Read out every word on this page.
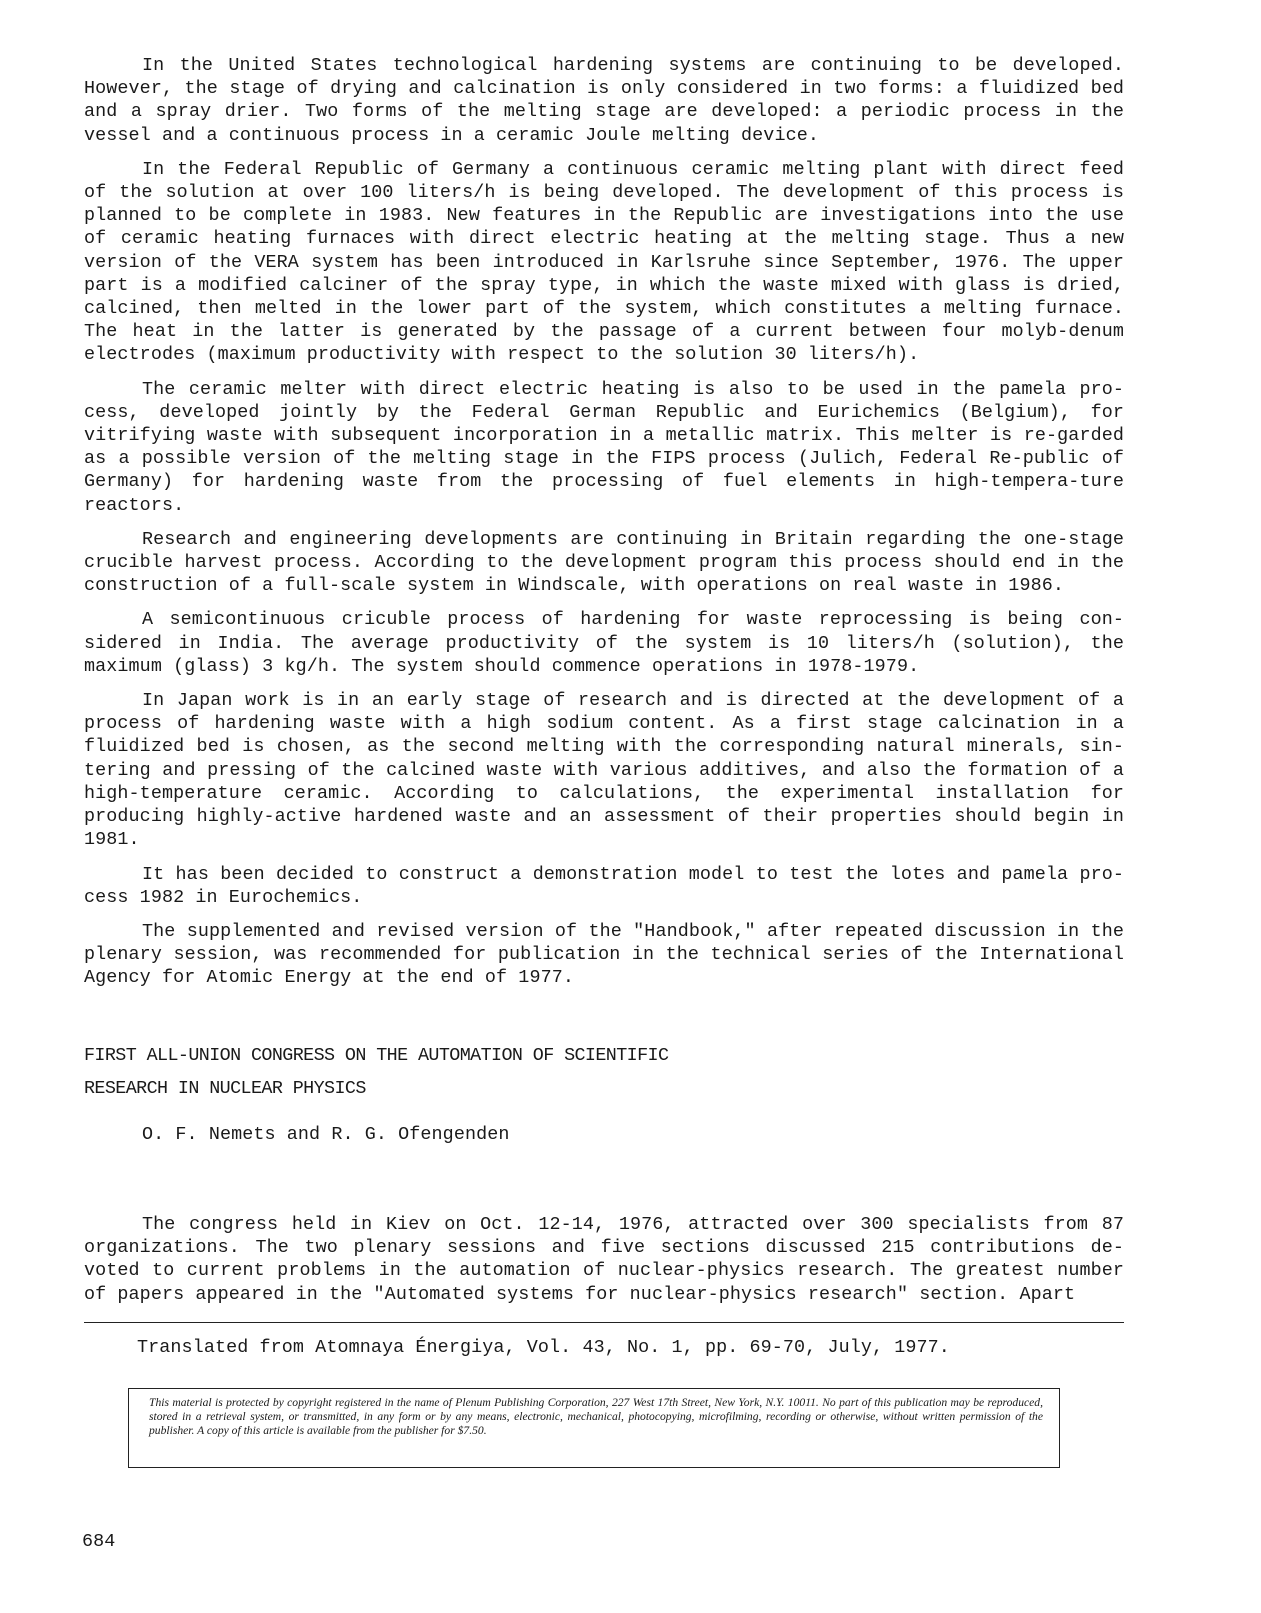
In the United States technological hardening systems are continuing to be developed. However, the stage of drying and calcination is only considered in two forms: a fluidized bed and a spray drier. Two forms of the melting stage are developed: a periodic process in the vessel and a continuous process in a ceramic Joule melting device.

In the Federal Republic of Germany a continuous ceramic melting plant with direct feed of the solution at over 100 liters/h is being developed. The development of this process is planned to be complete in 1983. New features in the Republic are investigations into the use of ceramic heating furnaces with direct electric heating at the melting stage. Thus a new version of the VERA system has been introduced in Karlsruhe since September, 1976. The upper part is a modified calciner of the spray type, in which the waste mixed with glass is dried, calcined, then melted in the lower part of the system, which constitutes a melting furnace. The heat in the latter is generated by the passage of a current between four molyb-denum electrodes (maximum productivity with respect to the solution 30 liters/h).

The ceramic melter with direct electric heating is also to be used in the pamela pro-cess, developed jointly by the Federal German Republic and Eurichemics (Belgium), for vitrifying waste with subsequent incorporation in a metallic matrix. This melter is re-garded as a possible version of the melting stage in the FIPS process (Julich, Federal Re-public of Germany) for hardening waste from the processing of fuel elements in high-tempera-ture reactors.

Research and engineering developments are continuing in Britain regarding the one-stage crucible harvest process. According to the development program this process should end in the construction of a full-scale system in Windscale, with operations on real waste in 1986.

A semicontinuous cricuble process of hardening for waste reprocessing is being con-sidered in India. The average productivity of the system is 10 liters/h (solution), the maximum (glass) 3 kg/h. The system should commence operations in 1978-1979.

In Japan work is in an early stage of research and is directed at the development of a process of hardening waste with a high sodium content. As a first stage calcination in a fluidized bed is chosen, as the second melting with the corresponding natural minerals, sin-tering and pressing of the calcined waste with various additives, and also the formation of a high-temperature ceramic. According to calculations, the experimental installation for producing highly-active hardened waste and an assessment of their properties should begin in 1981.

It has been decided to construct a demonstration model to test the lotes and pamela pro-cess 1982 in Eurochemics.

The supplemented and revised version of the "Handbook," after repeated discussion in the plenary session, was recommended for publication in the technical series of the International Agency for Atomic Energy at the end of 1977.

FIRST ALL-UNION CONGRESS ON THE AUTOMATION OF SCIENTIFIC
RESEARCH IN NUCLEAR PHYSICS
O. F. Nemets and R. G. Ofengenden

The congress held in Kiev on Oct. 12-14, 1976, attracted over 300 specialists from 87 organizations. The two plenary sessions and five sections discussed 215 contributions de-voted to current problems in the automation of nuclear-physics research. The greatest number of papers appeared in the "Automated systems for nuclear-physics research" section. Apart

Translated from Atomnaya Énergiya, Vol. 43, No. 1, pp. 69-70, July, 1977.

This material is protected by copyright registered in the name of Plenum Publishing Corporation, 227 West 17th Street, New York, N.Y. 10011. No part of this publication may be reproduced, stored in a retrieval system, or transmitted, in any form or by any means, electronic, mechanical, photocopying, microfilming, recording or otherwise, without written permission of the publisher. A copy of this article is available from the publisher for $7.50.

684
